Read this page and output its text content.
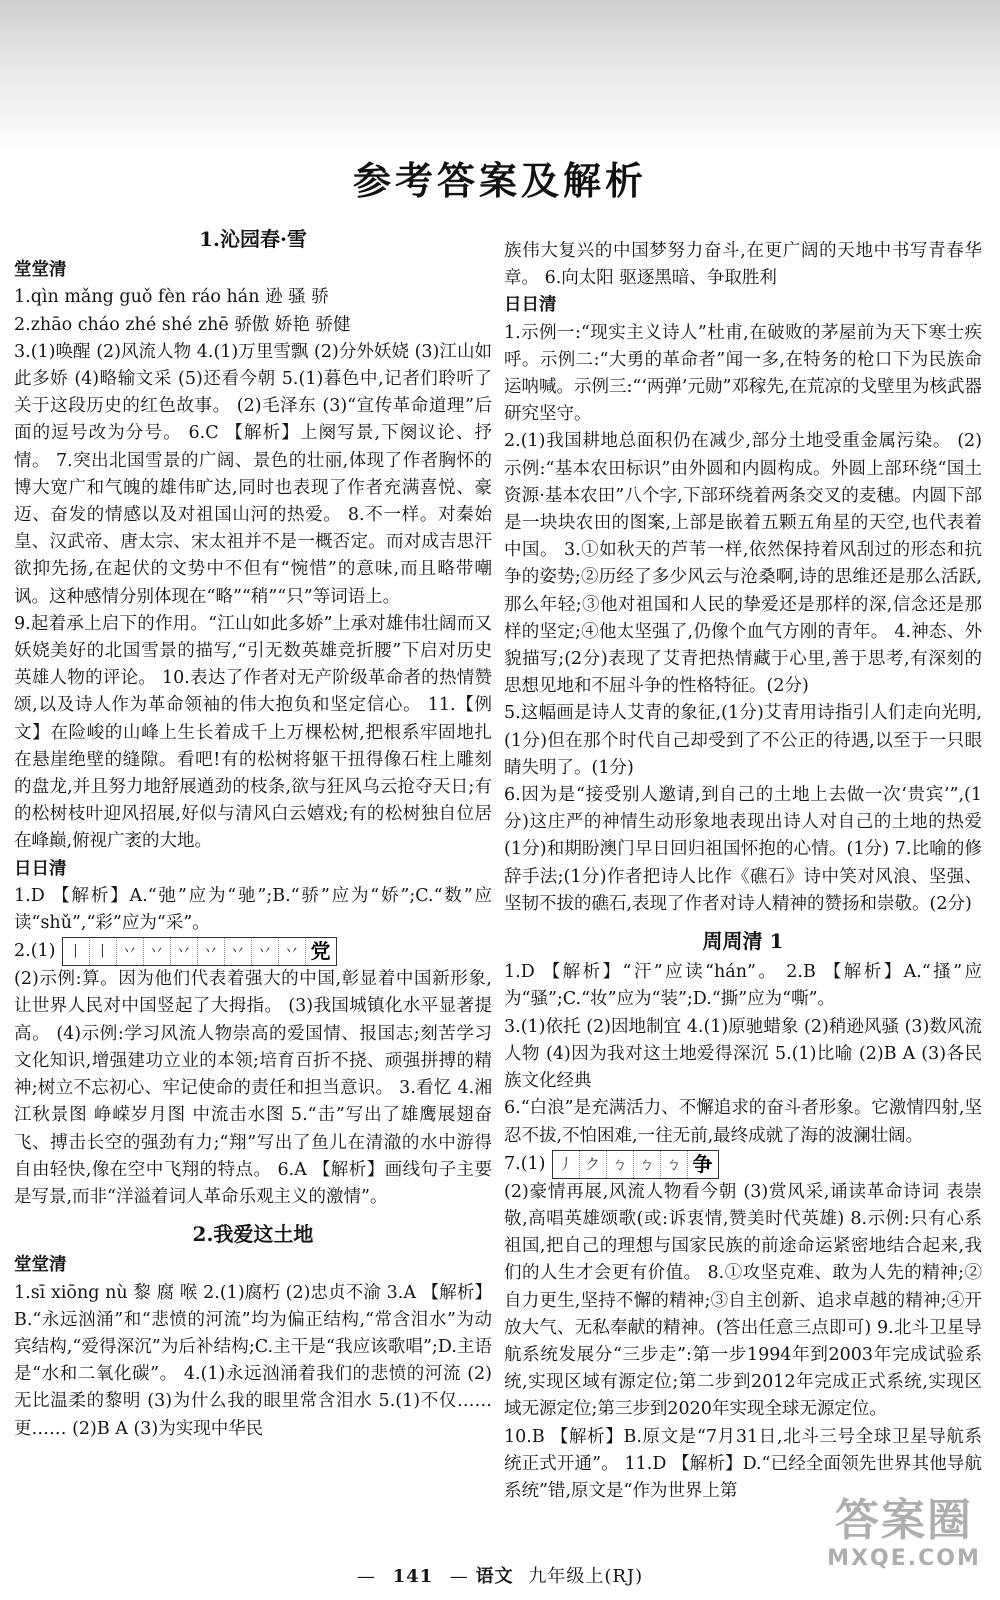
参考答案及解析
1.沁园春·雪

堂堂清

1.qìn mǎng guǒ fèn ráo hán 逊 骚 骄

2.zhāo cháo zhé shé zhē 骄傲 娇艳 骄健

3.(1)唤醒 (2)风流人物 4.(1)万里雪飘 (2)分外妖娆 (3)江山如此多娇 (4)略输文采 (5)还看今朝 5.(1)暮色中,记者们聆听了关于这段历史的红色故事。 (2)毛泽东 (3)“宣传革命道理”后面的逗号改为分号。 6.C 【解析】上阕写景,下阕议论、抒情。 7.突出北国雪景的广阔、景色的壮丽,体现了作者胸怀的博大宽广和气魄的雄伟旷达,同时也表现了作者充满喜悦、豪迈、奋发的情感以及对祖国山河的热爱。 8.不一样。对秦始皇、汉武帝、唐太宗、宋太祖并不是一概否定。而对成吉思汗欲抑先扬,在起伏的文势中不但有“惋惜”的意味,而且略带嘲讽。这种感情分别体现在“略”“稍”“只”等词语上。

9.起着承上启下的作用。“江山如此多娇”上承对雄伟壮阔而又妖娆美好的北国雪景的描写,“引无数英雄竞折腰”下启对历史英雄人物的评论。 10.表达了作者对无产阶级革命者的热情赞颂,以及诗人作为革命领袖的伟大抱负和坚定信心。 11.【例文】在险峻的山峰上生长着成千上万棵松树,把根系牢固地扎在悬崖绝壁的缝隙。看吧!有的松树将躯干扭得像石柱上雕刻的盘龙,并且努力地舒展遒劲的枝条,欲与狂风乌云抢夺天日;有的松树枝叶迎风招展,好似与清风白云嬉戏;有的松树独自位居在峰巅,俯视广袤的大地。

日日清

1.D 【解析】A.“弛”应为“驰”;B.“骄”应为“娇”;C.“数”应读“shǔ”,“彩”应为“采”。

2.(1) 丨 丨 丷 丷 丷 丷 丷 丷 丷 党

(2)示例:算。因为他们代表着强大的中国,彰显着中国新形象,让世界人民对中国竖起了大拇指。 (3)我国城镇化水平显著提高。 (4)示例:学习风流人物崇高的爱国情、报国志;刻苦学习文化知识,增强建功立业的本领;培育百折不挠、顽强拼搏的精神;树立不忘初心、牢记使命的责任和担当意识。 3.看忆 4.湘江秋景图 峥嵘岁月图 中流击水图 5.“击”写出了雄鹰展翅奋飞、搏击长空的强劲有力;“翔”写出了鱼儿在清澈的水中游得自由轻快,像在空中飞翔的特点。 6.A 【解析】画线句子主要是写景,而非“洋溢着词人革命乐观主义的激情”。

2.我爱这土地

堂堂清

1.sī xiōng nù 黎 腐 喉 2.(1)腐朽 (2)忠贞不渝 3.A 【解析】B.“永远汹涌”和“悲愤的河流”均为偏正结构,“常含泪水”为动宾结构,“爱得深沉”为后补结构;C.主干是“我应该歌唱”;D.主语是“水和二氧化碳”。 4.(1)永远汹涌着我们的悲愤的河流 (2)无比温柔的黎明 (3)为什么我的眼里常含泪水 5.(1)不仅……更…… (2)B A (3)为实现中华民

族伟大复兴的中国梦努力奋斗,在更广阔的天地中书写青春华章。 6.向太阳 驱逐黑暗、争取胜利

日日清

1.示例一:“现实主义诗人”杜甫,在破败的茅屋前为天下寒士疾呼。示例二:“大勇的革命者”闻一多,在特务的枪口下为民族命运呐喊。示例三:“‘两弹’元勋”邓稼先,在荒凉的戈壁里为核武器研究坚守。

2.(1)我国耕地总面积仍在减少,部分土地受重金属污染。 (2)示例:“基本农田标识”由外圆和内圆构成。外圆上部环绕“国土资源·基本农田”八个字,下部环绕着两条交叉的麦穗。内圆下部是一块块农田的图案,上部是嵌着五颗五角星的天空,也代表着中国。 3.①如秋天的芦苇一样,依然保持着风刮过的形态和抗争的姿势;②历经了多少风云与沧桑啊,诗的思维还是那么活跃,那么年轻;③他对祖国和人民的挚爱还是那样的深,信念还是那样的坚定;④他太坚强了,仍像个血气方刚的青年。 4.神态、外貌描写;(2分)表现了艾青把热情藏于心里,善于思考,有深刻的思想见地和不屈斗争的性格特征。(2分)

5.这幅画是诗人艾青的象征,(1分)艾青用诗指引人们走向光明,(1分)但在那个时代自己却受到了不公正的待遇,以至于一只眼睛失明了。(1分)

6.因为是“接受别人邀请,到自己的土地上去做一次‘贵宾’”,(1分)这庄严的神情生动形象地表现出诗人对自己的土地的热爱(1分)和期盼澳门早日回归祖国怀抱的心情。(1分) 7.比喻的修辞手法;(1分)作者把诗人比作《礁石》诗中笑对风浪、坚强、坚韧不拔的礁石,表现了作者对诗人精神的赞扬和崇敬。(2分)

周周清 1

1.D 【解析】“汗”应读“hán”。 2.B 【解析】A.“搔”应为“骚”;C.“妆”应为“装”;D.“撕”应为“嘶”。

3.(1)依托 (2)因地制宜 4.(1)原驰蜡象 (2)稍逊风骚 (3)数风流人物 (4)因为我对这土地爱得深沉 5.(1)比喻 (2)B A (3)各民族文化经典

6.“白浪”是充满活力、不懈追求的奋斗者形象。它激情四射,坚忍不拔,不怕困难,一往无前,最终成就了海的波澜壮阔。

7.(1) 丿 ク ㄅ ㄅ ㄅ 争

(2)豪情再展,风流人物看今朝 (3)赏风采,诵读革命诗词 表崇敬,高唱英雄颂歌(或:诉衷情,赞美时代英雄) 8.示例:只有心系祖国,把自己的理想与国家民族的前途命运紧密地结合起来,我们的人生才会更有价值。 8.①攻坚克难、敢为人先的精神;②自力更生,坚持不懈的精神;③自主创新、追求卓越的精神;④开放大气、无私奉献的精神。(答出任意三点即可) 9.北斗卫星导航系统发展分“三步走”:第一步1994年到2003年完成试验系统,实现区域有源定位;第二步到2012年完成正式系统,实现区域无源定位;第三步到2020年实现全球无源定位。

10.B 【解析】B.原文是“7月31日,北斗三号全球卫星导航系统正式开通”。 11.D 【解析】D.“已经全面领先世界其他导航系统”错,原文是“作为世界上第

— 141 — 语文 九年级上(RJ)
答案圈
MXQE.COM
